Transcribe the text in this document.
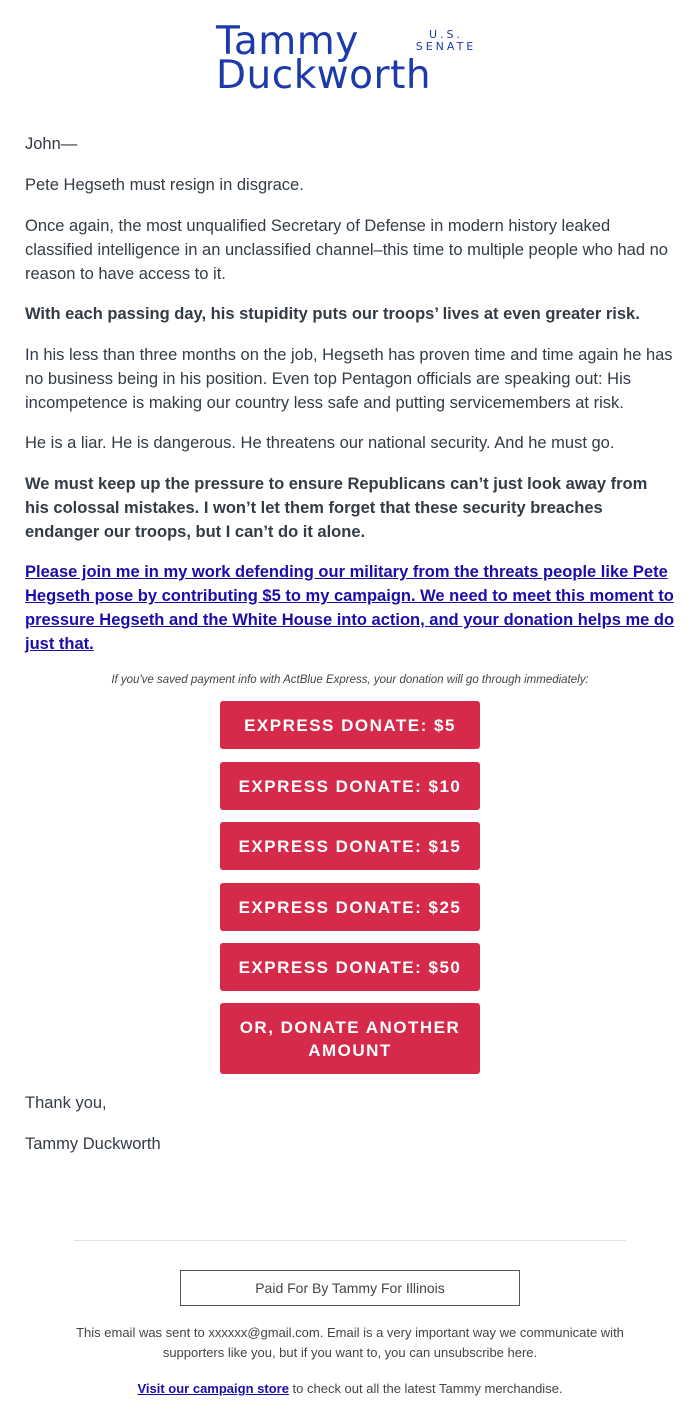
Tammy
Duckworth
U.S.
SENATE

John—

Pete Hegseth must resign in disgrace.

Once again, the most unqualified Secretary of Defense in modern history leaked classified intelligence in an unclassified channel–this time to multiple people who had no reason to have access to it.

With each passing day, his stupidity puts our troops’ lives at even greater risk.

In his less than three months on the job, Hegseth has proven time and time again he has no business being in his position. Even top Pentagon officials are speaking out: His incompetence is making our country less safe and putting servicemembers at risk.

He is a liar. He is dangerous. He threatens our national security. And he must go.

We must keep up the pressure to ensure Republicans can’t just look away from his colossal mistakes. I won’t let them forget that these security breaches endanger our troops, but I can’t do it alone.

Please join me in my work defending our military from the threats people like Pete Hegseth pose by contributing $5 to my campaign. We need to meet this moment to pressure Hegseth and the White House into action, and your donation helps me do just that.

If you've saved payment info with ActBlue Express, your donation will go through immediately:
EXPRESS DONATE: $5
EXPRESS DONATE: $10
EXPRESS DONATE: $15
EXPRESS DONATE: $25
EXPRESS DONATE: $50
OR, DONATE ANOTHER AMOUNT

Thank you,

Tammy Duckworth

Paid For By Tammy For Illinois

This email was sent to xxxxxx@gmail.com. Email is a very important way we communicate with supporters like you, but if you want to, you can unsubscribe here.

Visit our campaign store to check out all the latest Tammy merchandise.
